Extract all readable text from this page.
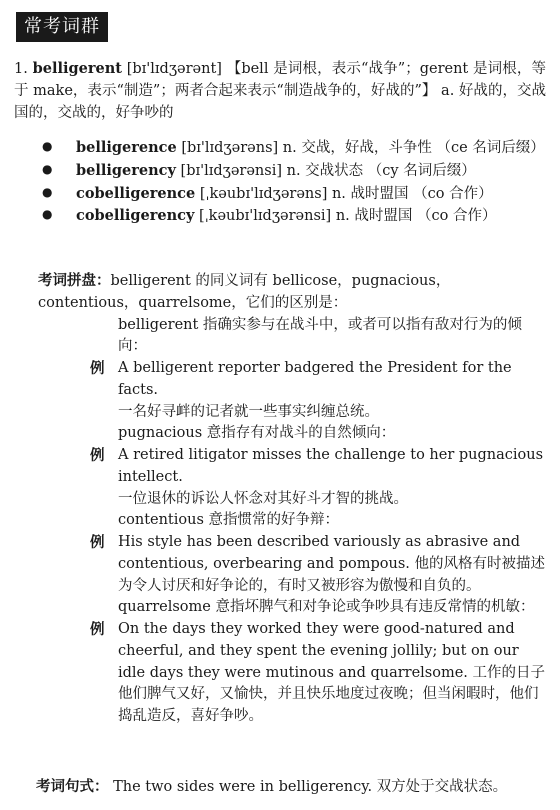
常考词群

1. belligerent [bɪ'lɪdʒərənt] 【bell 是词根，表示“战争”；gerent 是词根，等于 make，表示“制造”；两者合起来表示“制造战争的，好战的”】 a. 好战的，交战国的，交战的，好争吵的

● belligerence [bɪ'lɪdʒərəns] n. 交战，好战，斗争性 （ce 名词后缀）

● belligerency [bɪ'lɪdʒərənsi] n. 交战状态 （cy 名词后缀）

● cobelligerence [ˌkəubɪ'lɪdʒərəns] n. 战时盟国 （co 合作）

● cobelligerency [ˌkəubɪ'lɪdʒərənsi] n. 战时盟国 （co 合作）

考词拼盘：belligerent 的同义词有 bellicose，pugnacious，contentious，quarrelsome，它们的区别是：

belligerent 指确实参与在战斗中，或者可以指有敌对行为的倾向：

例 A belligerent reporter badgered the President for the facts.

一名好寻衅的记者就一些事实纠缠总统。

pugnacious 意指存有对战斗的自然倾向：

例 A retired litigator misses the challenge to her pugnacious intellect.

一位退休的诉讼人怀念对其好斗才智的挑战。

contentious 意指惯常的好争辩：

例 His style has been described variously as abrasive and contentious, overbearing and pompous. 他的风格有时被描述为令人讨厌和好争论的，有时又被形容为傲慢和自负的。

quarrelsome 意指坏脾气和对争论或争吵具有违反常情的机敏：

例 On the days they worked they were good-natured and cheerful, and they spent the evening jollily; but on our idle days they were mutinous and quarrelsome. 工作的日子他们脾气又好，又愉快，并且快乐地度过夜晚；但当闲暇时，他们捣乱造反，喜好争吵。

考词句式： The two sides were in belligerency. 双方处于交战状态。
